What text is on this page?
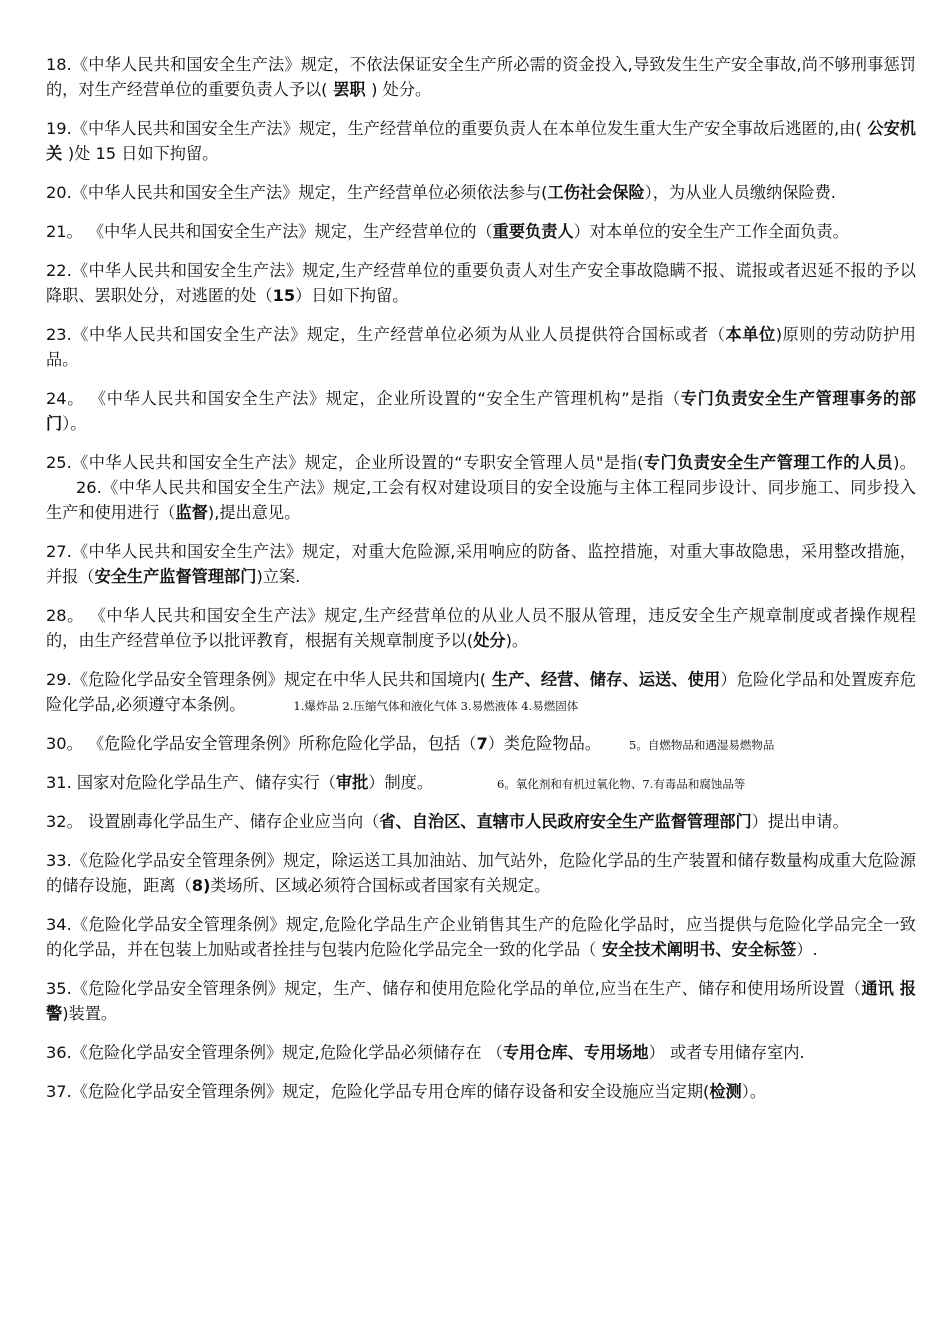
18.《中华人民共和国安全生产法》规定，不依法保证安全生产所必需的资金投入,导致发生生产安全事故,尚不够刑事惩罚的，对生产经营单位的重要负责人予以( 罢职 ) 处分。

19.《中华人民共和国安全生产法》规定，生产经营单位的重要负责人在本单位发生重大生产安全事故后逃匿的,由( 公安机关 )处 15 日如下拘留。

20.《中华人民共和国安全生产法》规定，生产经营单位必须依法参与(工伤社会保险），为从业人员缴纳保险费.

21。 《中华人民共和国安全生产法》规定，生产经营单位的（重要负责人）对本单位的安全生产工作全面负责。

22.《中华人民共和国安全生产法》规定,生产经营单位的重要负责人对生产安全事故隐瞒不报、谎报或者迟延不报的予以降职、罢职处分，对逃匿的处（15）日如下拘留。

23.《中华人民共和国安全生产法》规定，生产经营单位必须为从业人员提供符合国标或者（本单位)原则的劳动防护用品。

24。 《中华人民共和国安全生产法》规定，企业所设置的“安全生产管理机构”是指（专门负责安全生产管理事务的部门）。

25.《中华人民共和国安全生产法》规定，企业所设置的“专职安全管理人员"是指(专门负责安全生产管理工作的人员)。26.《中华人民共和国安全生产法》规定,工会有权对建设项目的安全设施与主体工程同步设计、同步施工、同步投入生产和使用进行（监督),提出意见。

27.《中华人民共和国安全生产法》规定，对重大危险源,采用响应的防备、监控措施，对重大事故隐患，采用整改措施，并报（安全生产监督管理部门)立案.

28。 《中华人民共和国安全生产法》规定,生产经营单位的从业人员不服从管理，违反安全生产规章制度或者操作规程的，由生产经营单位予以批评教育，根据有关规章制度予以(处分)。

29.《危险化学品安全管理条例》规定在中华人民共和国境内( 生产、经营、储存、运送、使用）危险化学品和处置废弃危险化学品,必须遵守本条例。	1.爆炸品 2.压缩气体和液化气体 3.易燃液体 4.易燃固体

30。 《危险化学品安全管理条例》所称危险化学品，包括（7）类危险物品。 5。自燃物品和遇湿易燃物品

31. 国家对危险化学品生产、储存实行（审批）制度。	6。氧化剂和有机过氧化物、7.有毒品和腐蚀品等

32。 设置剧毒化学品生产、储存企业应当向（省、自治区、直辖市人民政府安全生产监督管理部门）提出申请。

33.《危险化学品安全管理条例》规定，除运送工具加油站、加气站外，危险化学品的生产装置和储存数量构成重大危险源的储存设施，距离（8)类场所、区域必须符合国标或者国家有关规定。

34.《危险化学品安全管理条例》规定,危险化学品生产企业销售其生产的危险化学品时，应当提供与危险化学品完全一致的化学品，并在包装上加贴或者拴挂与包装内危险化学品完全一致的化学品（ 安全技术阐明书、安全标签）.

35.《危险化学品安全管理条例》规定，生产、储存和使用危险化学品的单位,应当在生产、储存和使用场所设置（通讯 报警)装置。

36.《危险化学品安全管理条例》规定,危险化学品必须储存在 （专用仓库、专用场地） 或者专用储存室内.

37.《危险化学品安全管理条例》规定，危险化学品专用仓库的储存设备和安全设施应当定期(检测）。
